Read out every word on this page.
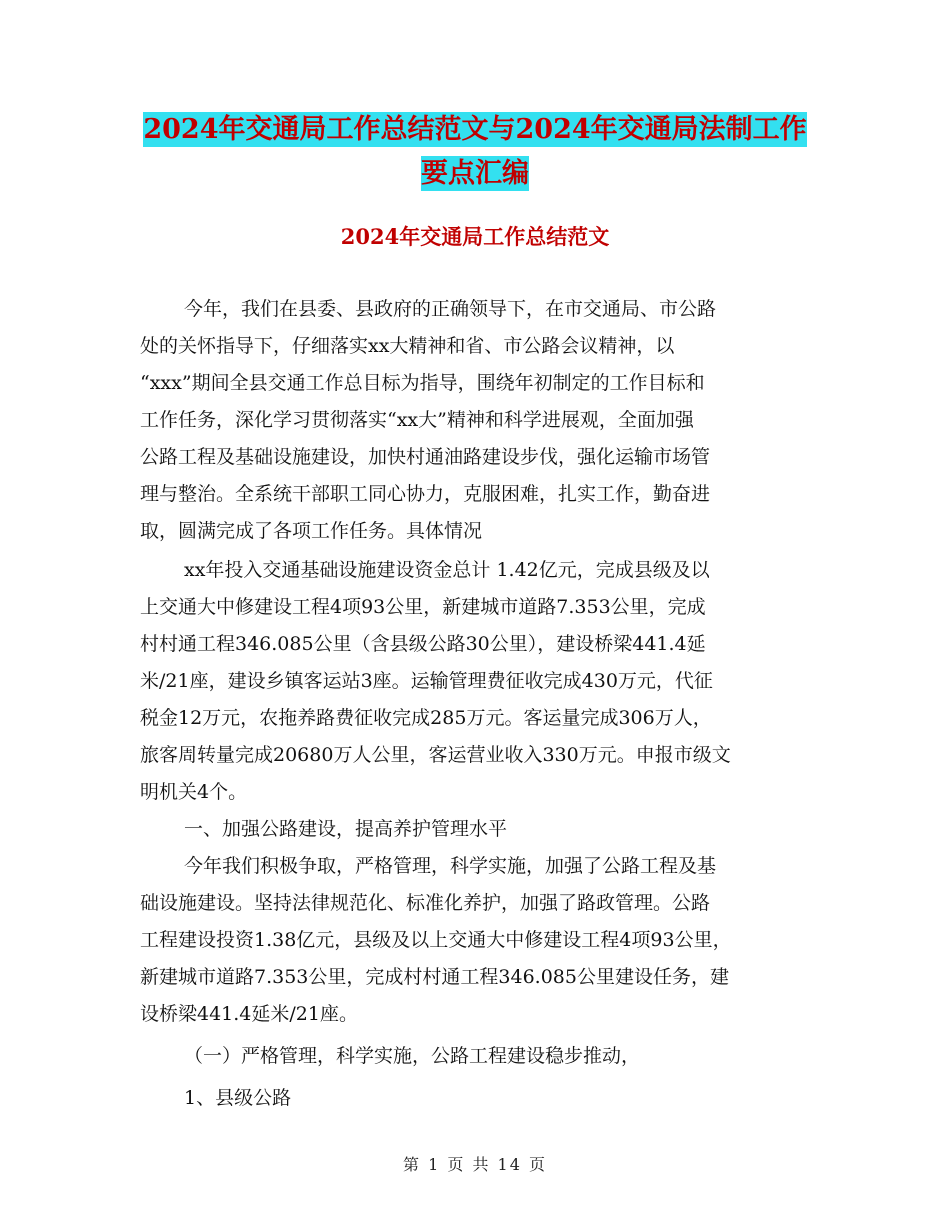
2024年交通局工作总结范文与2024年交通局法制工作
要点汇编
2024年交通局工作总结范文
今年，我们在县委、县政府的正确领导下，在市交通局、市公路
处的关怀指导下，仔细落实xx大精神和省、市公路会议精神，以
“xxx”期间全县交通工作总目标为指导，围绕年初制定的工作目标和
工作任务，深化学习贯彻落实“xx大”精神和科学进展观，全面加强
公路工程及基础设施建设，加快村通油路建设步伐，强化运输市场管
理与整治。全系统干部职工同心协力，克服困难，扎实工作，勤奋进
取，圆满完成了各项工作任务。具体情况
xx年投入交通基础设施建设资金总计 1.42亿元，完成县级及以
上交通大中修建设工程4项93公里，新建城市道路7.353公里，完成
村村通工程346.085公里（含县级公路30公里），建设桥梁441.4延
米/21座，建设乡镇客运站3座。运输管理费征收完成430万元，代征
税金12万元，农拖养路费征收完成285万元。客运量完成306万人，
旅客周转量完成20680万人公里，客运营业收入330万元。申报市级文
明机关4个。
一、加强公路建设，提高养护管理水平
今年我们积极争取，严格管理，科学实施，加强了公路工程及基
础设施建设。坚持法律规范化、标准化养护，加强了路政管理。公路
工程建设投资1.38亿元，县级及以上交通大中修建设工程4项93公里，
新建城市道路7.353公里，完成村村通工程346.085公里建设任务，建
设桥梁441.4延米/21座。
（一）严格管理，科学实施，公路工程建设稳步推动，
1、县级公路
第 1 页 共 14 页
